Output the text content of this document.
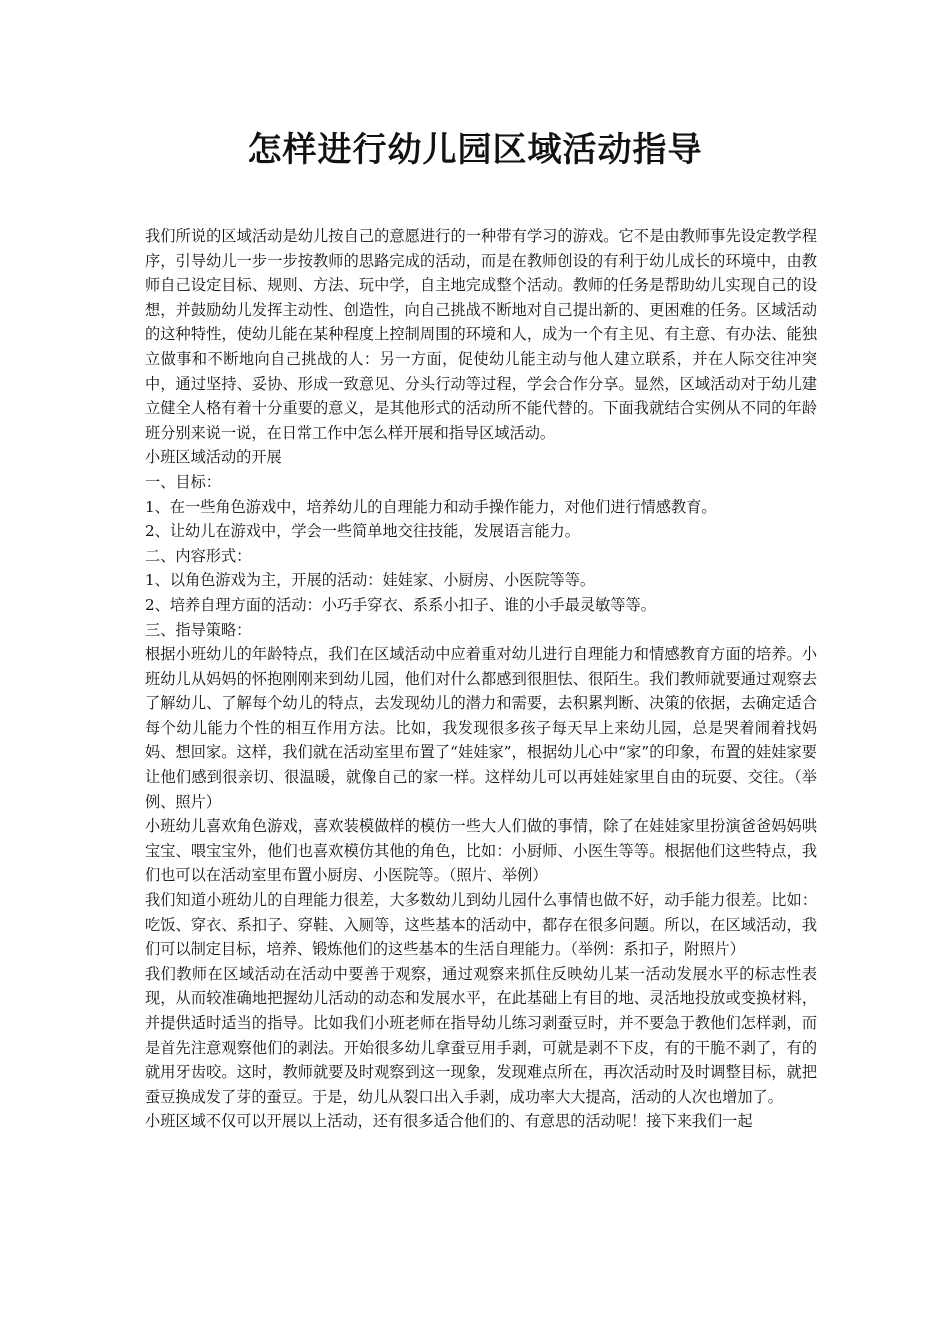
怎样进行幼儿园区域活动指导

我们所说的区域活动是幼儿按自己的意愿进行的一种带有学习的游戏。它不是由教师事先设定教学程序，引导幼儿一步一步按教师的思路完成的活动，而是在教师创设的有利于幼儿成长的环境中，由教师自己设定目标、规则、方法、玩中学，自主地完成整个活动。教师的任务是帮助幼儿实现自己的设想，并鼓励幼儿发挥主动性、创造性，向自己挑战不断地对自己提出新的、更困难的任务。区域活动的这种特性，使幼儿能在某种程度上控制周围的环境和人，成为一个有主见、有主意、有办法、能独立做事和不断地向自己挑战的人：另一方面，促使幼儿能主动与他人建立联系，并在人际交往冲突中，通过坚持、妥协、形成一致意见、分头行动等过程，学会合作分享。显然，区域活动对于幼儿建立健全人格有着十分重要的意义，是其他形式的活动所不能代替的。下面我就结合实例从不同的年龄班分别来说一说，在日常工作中怎么样开展和指导区域活动。

小班区域活动的开展

一、目标：

1、在一些角色游戏中，培养幼儿的自理能力和动手操作能力，对他们进行情感教育。

2、让幼儿在游戏中，学会一些简单地交往技能，发展语言能力。

二、内容形式：

1、以角色游戏为主，开展的活动：娃娃家、小厨房、小医院等等。

2、培养自理方面的活动：小巧手穿衣、系系小扣子、谁的小手最灵敏等等。

三、指导策略：

根据小班幼儿的年龄特点，我们在区域活动中应着重对幼儿进行自理能力和情感教育方面的培养。小班幼儿从妈妈的怀抱刚刚来到幼儿园，他们对什么都感到很胆怯、很陌生。我们教师就要通过观察去了解幼儿、了解每个幼儿的特点，去发现幼儿的潜力和需要，去积累判断、决策的依据，去确定适合每个幼儿能力个性的相互作用方法。比如，我发现很多孩子每天早上来幼儿园，总是哭着闹着找妈妈、想回家。这样，我们就在活动室里布置了“娃娃家”，根据幼儿心中“家”的印象，布置的娃娃家要让他们感到很亲切、很温暖，就像自己的家一样。这样幼儿可以再娃娃家里自由的玩耍、交往。（举例、照片）

小班幼儿喜欢角色游戏，喜欢装模做样的模仿一些大人们做的事情，除了在娃娃家里扮演爸爸妈妈哄宝宝、喂宝宝外，他们也喜欢模仿其他的角色，比如：小厨师、小医生等等。根据他们这些特点，我们也可以在活动室里布置小厨房、小医院等。（照片、举例）

我们知道小班幼儿的自理能力很差，大多数幼儿到幼儿园什么事情也做不好，动手能力很差。比如：吃饭、穿衣、系扣子、穿鞋、入厕等，这些基本的活动中，都存在很多问题。所以，在区域活动，我们可以制定目标，培养、锻炼他们的这些基本的生活自理能力。（举例：系扣子，附照片）

我们教师在区域活动在活动中要善于观察，通过观察来抓住反映幼儿某一活动发展水平的标志性表现，从而较准确地把握幼儿活动的动态和发展水平，在此基础上有目的地、灵活地投放或变换材料，并提供适时适当的指导。比如我们小班老师在指导幼儿练习剥蚕豆时，并不要急于教他们怎样剥，而是首先注意观察他们的剥法。开始很多幼儿拿蚕豆用手剥，可就是剥不下皮，有的干脆不剥了，有的就用牙齿咬。这时，教师就要及时观察到这一现象，发现难点所在，再次活动时及时调整目标，就把蚕豆换成发了芽的蚕豆。于是，幼儿从裂口出入手剥，成功率大大提高，活动的人次也增加了。

小班区域不仅可以开展以上活动，还有很多适合他们的、有意思的活动呢！接下来我们一起
